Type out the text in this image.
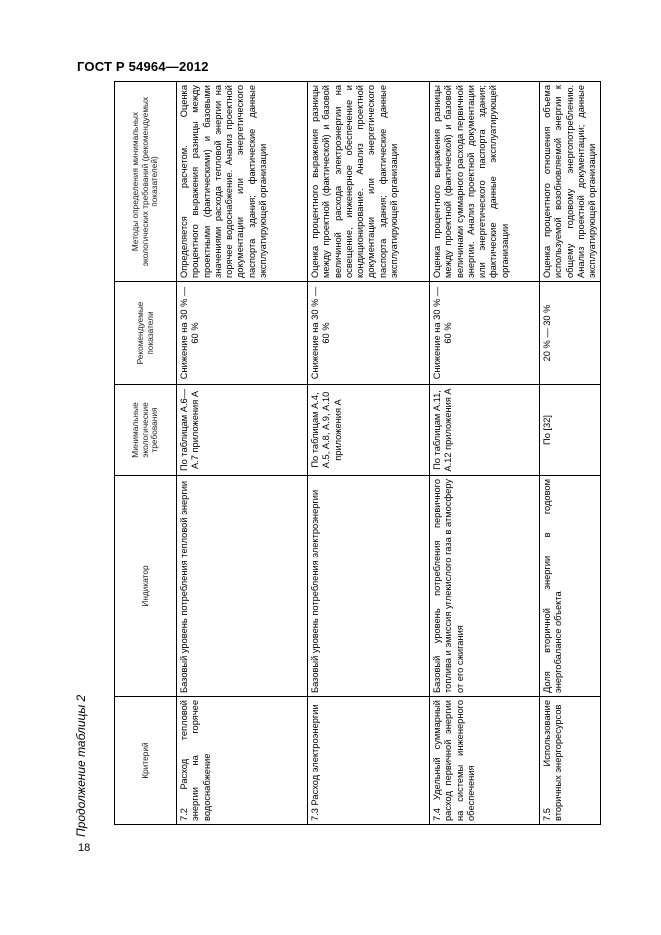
ГОСТ Р 54964—2012
18
Продолжение таблицы 2	Критерий	Индикатор	Минимальные экологические требования	Рекомендуемые показатели	Методы определения минимальных экологических требований (рекомендуемых показателей)
7.2 Расход тепловой энергии на горячее водоснабжение	Базовый уровень потребления тепловой энергии	По таблицам А.6—А.7 приложения А	Снижение на 30 % — 60 %	Определяется расчетом. Оценка процентного выражения разницы между проектными (фактическими) и базовыми значениями расхода тепловой энергии на горячее водоснабжение. Анализ проектной документации или энергетического паспорта здания; фактические данные эксплуатирующей организации
7.3 Расход электроэнергии	Базовый уровень потребления электроэнергии	По таблицам А.4, А.5, А.8, А.9, А.10 приложения А	Снижение на 30 % — 60 %	Оценка процентного выражения разницы между проектной (фактической) и базовой величиной расхода электроэнергии на освещение, инженерное обеспечение и кондиционирование. Анализ проектной документации или энергетического паспорта здания; фактические данные эксплуатирующей организации
7.4 Удельный суммарный расход первичной энергии на системы инженерного обеспечения	Базовый уровень потребления первичного топлива и эмиссия углекислого газа в атмосферу от его сжигания	По таблицам А.11, А.12 приложения А	Снижение на 30 % — 60 %	Оценка процентного выражения разницы между проектной (фактической) и базовой величинами суммарного расхода первичной энергии. Анализ проектной документации или энергетического паспорта здания; фактические данные эксплуатирующей организации
7.5 Использование вторичных энергоресурсов	Доля вторичной энергии в годовом энергобалансе объекта	По [32]	20 % — 30 %	Оценка процентного отношения объема используемой возобновляемой энергии к общему годовому энергопотреблению. Анализ проектной документации; данные эксплуатирующей организации
